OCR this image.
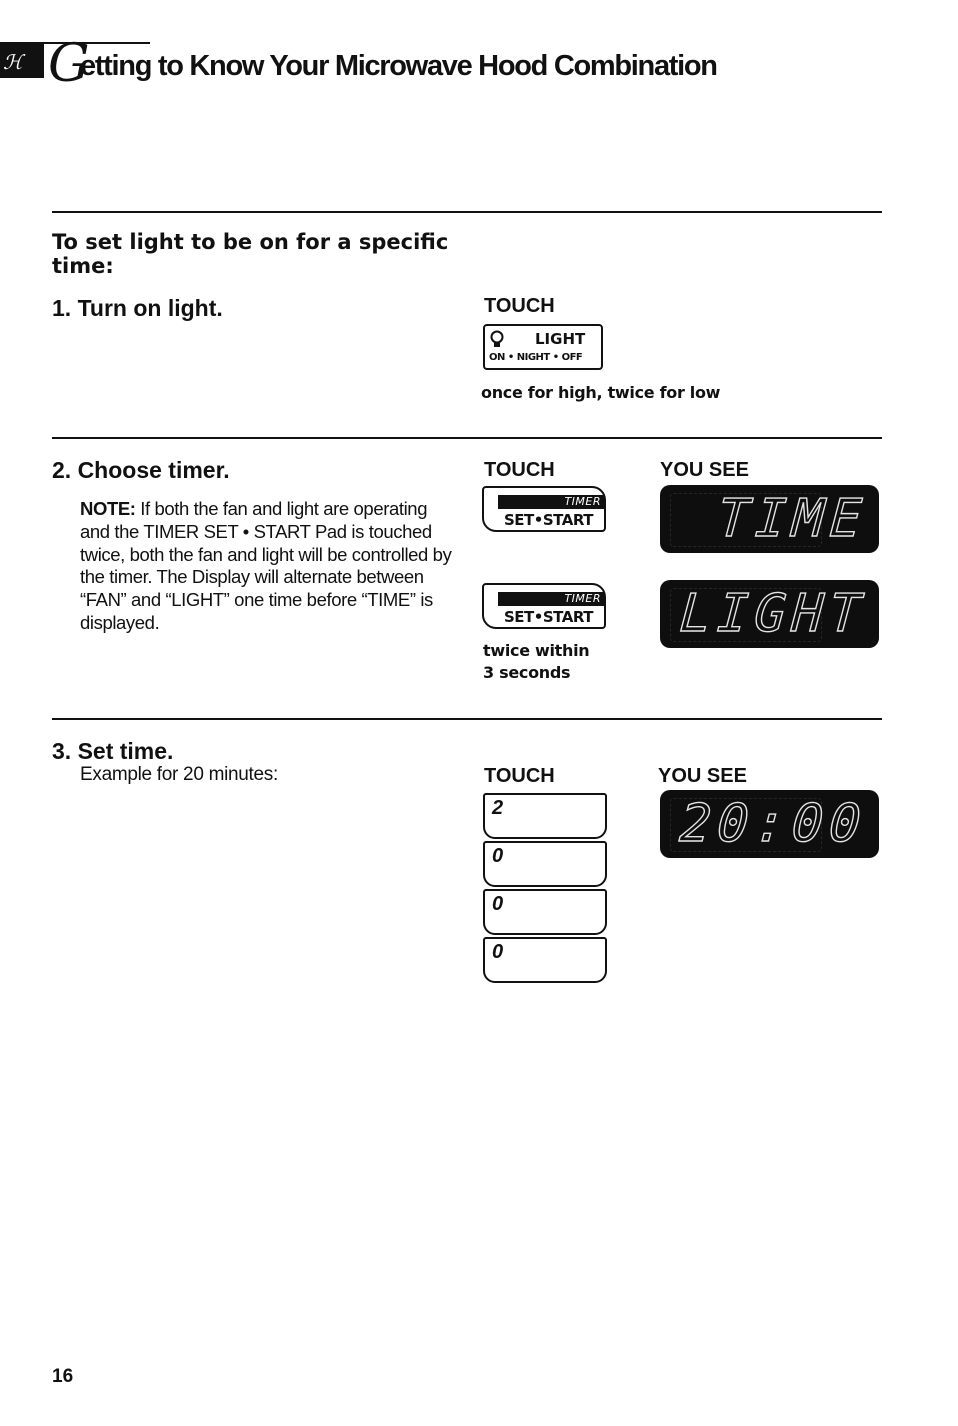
ℋ G
etting to Know Your Microwave Hood Combination
To set light to be on for a specific time:
1. Turn on light.	TOUCH
LIGHT
ON • NIGHT • OFF
once for high, twice for low
2. Choose timer.
NOTE: If both the fan and light are operating and the TIMER SET • START Pad is touched twice, both the fan and light will be controlled by the timer. The Display will alternate between “FAN” and “LIGHT” one time before “TIME” is displayed.
TOUCH	YOU SEE
TIMER
SET•START TIME
TIMER
SET•START LIGHT
twice within
3 seconds
3. Set time.
Example for 20 minutes:	TOUCH	YOU SEE
2
0
0
0
20:00
16
